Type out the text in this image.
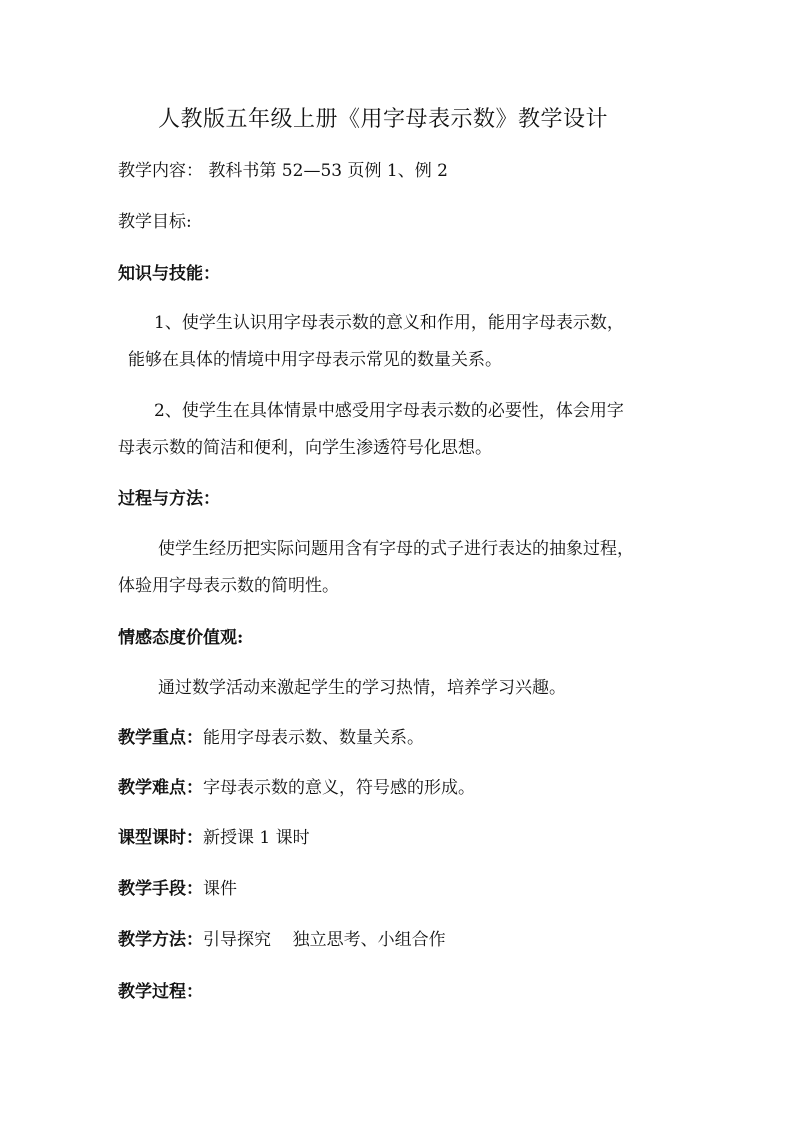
人教版五年级上册《用字母表示数》教学设计
教学内容： 教科书第 52—53 页例 1、例 2
教学目标:
知识与技能：
1、使学生认识用字母表示数的意义和作用，能用字母表示数，
能够在具体的情境中用字母表示常见的数量关系。
2、使学生在具体情景中感受用字母表示数的必要性，体会用字
母表示数的简洁和便利，向学生渗透符号化思想。
过程与方法：
使学生经历把实际问题用含有字母的式子进行表达的抽象过程，
体验用字母表示数的简明性。
情感态度价值观:
通过数学活动来激起学生的学习热情，培养学习兴趣。
教学重点：能用字母表示数、数量关系。
教学难点：字母表示数的意义，符号感的形成。
课型课时：新授课 1 课时
教学手段：课件
教学方法：引导探究    独立思考、小组合作
教学过程：
